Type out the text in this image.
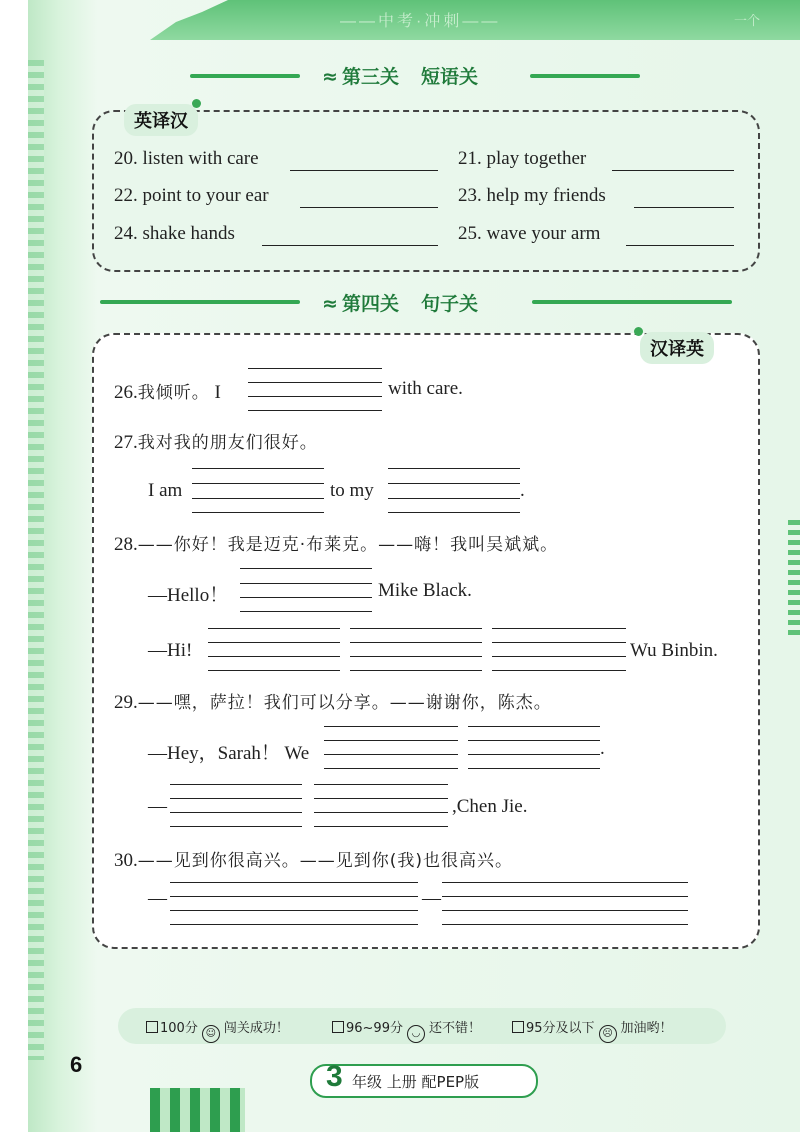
——中考·冲刺——	一个
≈ 第三关 短语关
英译汉
20. listen with care	21. play together
22. point to your ear	23. help my friends
24. shake hands	25. wave your arm
≈ 第四关 句子关
汉译英
26.我倾听。 I	with care.
27.我对我的朋友们很好。
I am	to my	.
28.——你好！我是迈克·布莱克。——嗨！我叫吴斌斌。
—Hello！	Mike Black.
—Hi!	Wu Binbin.
29.——嘿，萨拉！我们可以分享。——谢谢你，陈杰。
—Hey，Sarah！ We	.
—	,Chen Jie.
30.——见到你很高兴。——见到你(我)也很高兴。
—	—
100分 ☺ 闯关成功！	96~99分 ◡ 还不错！	95分及以下 ☹ 加油哟！
6	3 年级 上册 配PEP版
